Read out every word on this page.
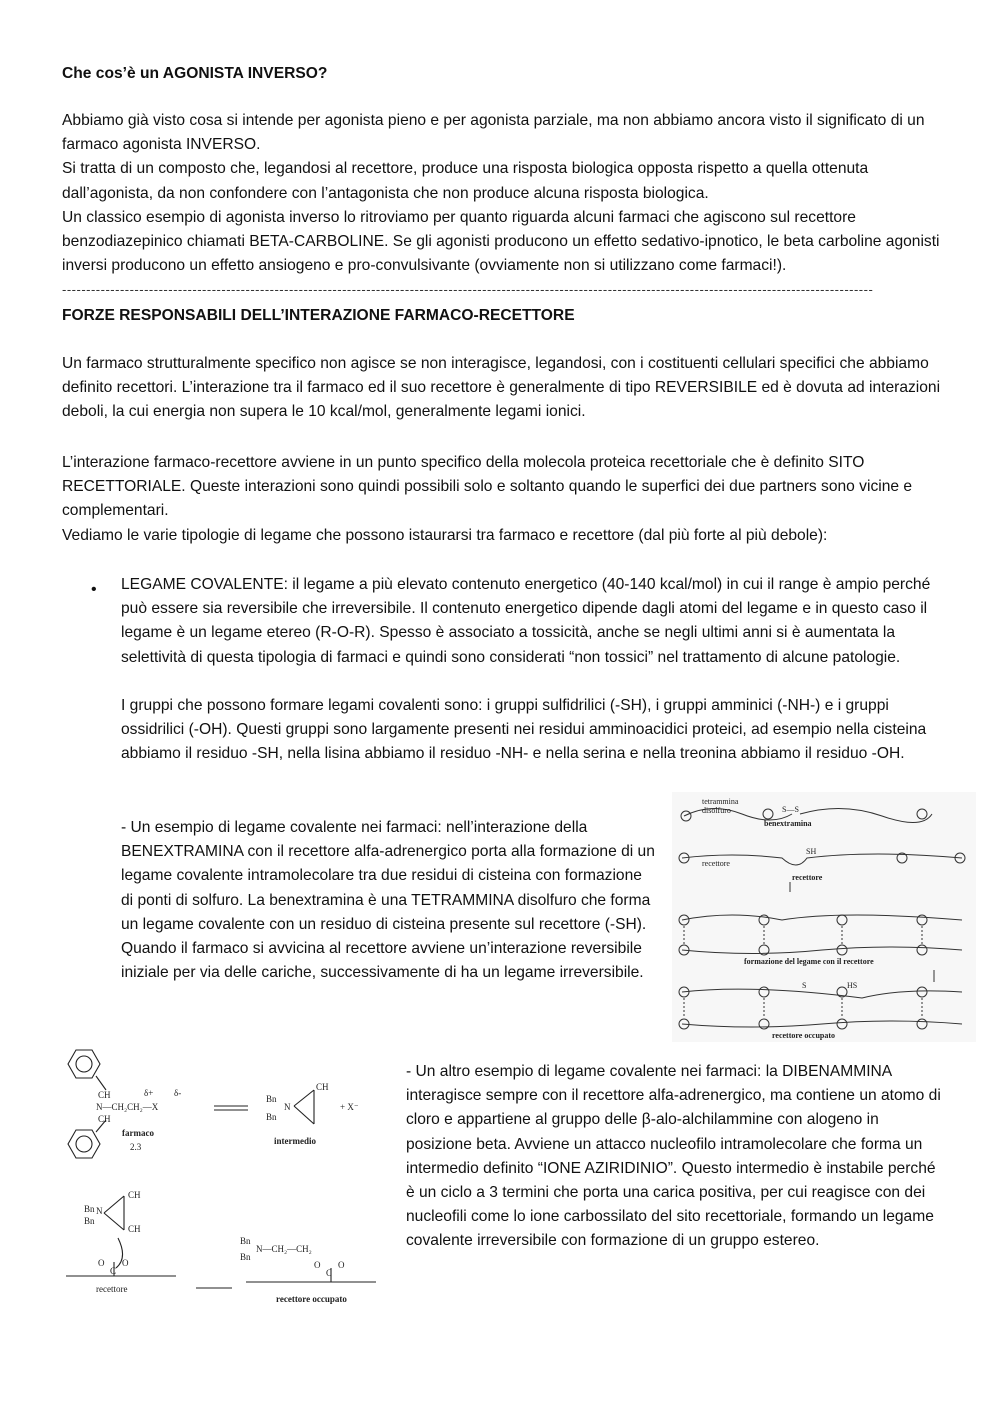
Che cos’è un AGONISTA INVERSO?

Abbiamo già visto cosa si intende per agonista pieno e per agonista parziale, ma non abbiamo ancora visto il significato di un farmaco agonista INVERSO.

Si tratta di un composto che, legandosi al recettore, produce una risposta biologica opposta rispetto a quella ottenuta dall’agonista, da non confondere con l’antagonista che non produce alcuna risposta biologica.

Un classico esempio di agonista inverso lo ritroviamo per quanto riguarda alcuni farmaci che agiscono sul recettore benzodiazepinico chiamati BETA-CARBOLINE. Se gli agonisti producono un effetto sedativo-ipnotico, le beta carboline agonisti inversi producono un effetto ansiogeno e pro-convulsivante (ovviamente non si utilizzano come farmaci!).

------------------------------------------------------------------------------------------------------------------------------------------------------------------------

FORZE RESPONSABILI DELL’INTERAZIONE FARMACO-RECETTORE

Un farmaco strutturalmente specifico non agisce se non interagisce, legandosi, con i costituenti cellulari specifici che abbiamo definito recettori. L’interazione tra il farmaco ed il suo recettore è generalmente di tipo REVERSIBILE ed è dovuta ad interazioni deboli, la cui energia non supera le 10 kcal/mol, generalmente legami ionici.

L’interazione farmaco-recettore avviene in un punto specifico della molecola proteica recettoriale che è definito SITO RECETTORIALE. Queste interazioni sono quindi possibili solo e soltanto quando le superfici dei due partners sono vicine e complementari.

Vediamo le varie tipologie di legame che possono istaurarsi tra farmaco e recettore (dal più forte al più debole):

• LEGAME COVALENTE: il legame a più elevato contenuto energetico (40-140 kcal/mol) in cui il range è ampio perché può essere sia reversibile che irreversibile. Il contenuto energetico dipende dagli atomi del legame e in questo caso il legame è un legame etereo (R-O-R). Spesso è associato a tossicità, anche se negli ultimi anni si è aumentata la selettività di questa tipologia di farmaci e quindi sono considerati “non tossici” nel trattamento di alcune patologie.

I gruppi che possono formare legami covalenti sono: i gruppi sulfidrilici (-SH), i gruppi amminici (-NH-) e i gruppi ossidrilici (-OH). Questi gruppi sono largamente presenti nei residui amminoacidici proteici, ad esempio nella cisteina abbiamo il residuo -SH, nella lisina abbiamo il residuo -NH- e nella serina e nella treonina abbiamo il residuo -OH.

- Un esempio di legame covalente nei farmaci: nell’interazione della BENEXTRAMINA con il recettore alfa-adrenergico porta alla formazione di un legame covalente intramolecolare tra due residui di cisteina con formazione di ponti di solfuro. La benextramina è una TETRAMMINA disolfuro che forma un legame covalente con un residuo di cisteina presente sul recettore (-SH). Quando il farmaco si avvicina al recettore avviene un’interazione reversibile iniziale per via delle cariche, successivamente di ha un legame irreversibile.

tetrammina
disolfuro	S—S
benextramina
recettore
SH
recettore
formazione del legame con il recettore
HS
S
recettore occupato
CH
N—CH₂CH₂—X
CH
δ+ δ-
farmaco
2.3
Bn
N
Bn
CH
+ X⁻
intermedio
Bn N
Bn
CH
CH
O
C
O
recettore
Bn
Bn
N—CH₂—CH₂
O
C
O
recettore occupato

- Un altro esempio di legame covalente nei farmaci: la DIBENAMMINA interagisce sempre con il recettore alfa-adrenergico, ma contiene un atomo di cloro e appartiene al gruppo delle β-alo-alchilammine con alogeno in posizione beta. Avviene un attacco nucleofilo intramolecolare che forma un intermedio definito “IONE AZIRIDINIO”. Questo intermedio è instabile perché è un ciclo a 3 termini che porta una carica positiva, per cui reagisce con dei nucleofili come lo ione carbossilato del sito recettoriale, formando un legame covalente irreversibile con formazione di un gruppo estereo.
